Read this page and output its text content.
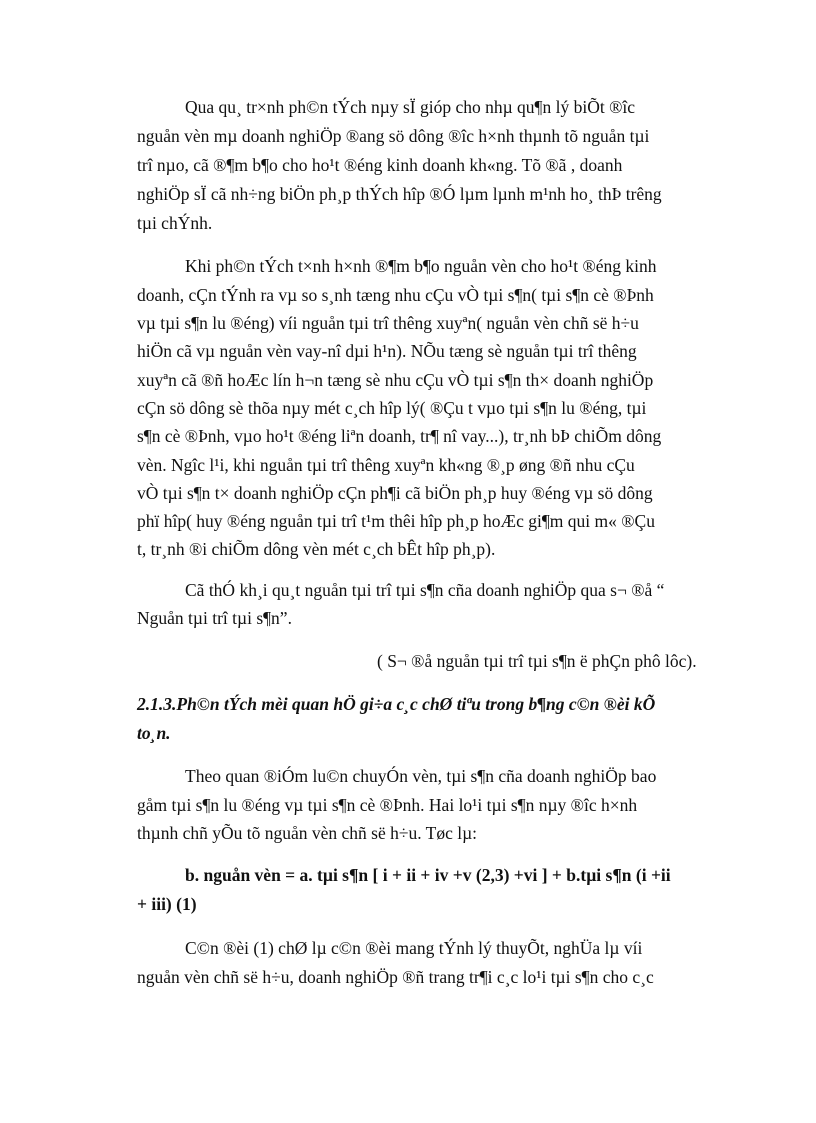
Qua qu¸ tr×nh ph©n tÝch nµy sÏ gióp cho nhµ qu¶n lý biÕt ®îc
nguån vèn mµ doanh nghiÖp ®ang sö dông ®îc h×nh thµnh tõ nguån tµi
trî nµo, cã ®¶m b¶o cho ho¹t ®éng kinh doanh kh«ng. Tõ ®ã , doanh
nghiÖp sÏ cã nh÷ng biÖn ph¸p thÝch hîp ®Ó lµm lµnh m¹nh ho¸ thÞ trêng
tµi chÝnh.
Khi ph©n tÝch t×nh h×nh ®¶m b¶o nguån vèn cho ho¹t ®éng kinh
doanh, cÇn tÝnh ra vµ so s¸nh tæng nhu cÇu vÒ tµi s¶n( tµi s¶n cè ®Þnh
vµ tµi s¶n lu ®éng) víi nguån tµi trî thêng xuyªn( nguån vèn chñ së h÷u
hiÖn cã vµ nguån vèn vay-nî dµi h¹n). NÕu tæng sè nguån tµi trî thêng
xuyªn cã ®ñ hoÆc lín h¬n tæng sè nhu cÇu vÒ tµi s¶n th× doanh nghiÖp
cÇn sö dông sè thõa nµy mét c¸ch hîp lý( ®Çu t vµo tµi s¶n lu ®éng, tµi
s¶n cè ®Þnh, vµo ho¹t ®éng liªn doanh, tr¶ nî vay...), tr¸nh bÞ chiÕm dông
vèn. Ngîc l¹i, khi nguån tµi trî thêng xuyªn kh«ng ®¸p øng ®ñ nhu cÇu
vÒ tµi s¶n t× doanh nghiÖp cÇn ph¶i cã biÖn ph¸p huy ®éng vµ sö dông
phï hîp( huy ®éng nguån tµi trî t¹m thêi hîp ph¸p hoÆc gi¶m qui m« ®Çu
t, tr¸nh ®i chiÕm dông vèn mét c¸ch bÊt hîp ph¸p).
Cã thÓ kh¸i qu¸t nguån tµi trî tµi s¶n cña doanh nghiÖp qua s¬ ®å “
Nguån tµi trî tµi s¶n”.
( S¬ ®å nguån tµi trî tµi s¶n ë phÇn phô lôc).
2.1.3.Ph©n tÝch mèi quan hÖ gi÷a c¸c chØ tiªu trong b¶ng c©n ®èi kÕ
to¸n.
Theo quan ®iÓm lu©n chuyÓn vèn, tµi s¶n cña doanh nghiÖp bao
gåm tµi s¶n lu ®éng vµ tµi s¶n cè ®Þnh. Hai lo¹i tµi s¶n nµy ®îc h×nh
thµnh chñ yÕu tõ nguån vèn chñ së h÷u. Tøc lµ:
b. nguån vèn = a. tµi s¶n [ i + ii + iv +v (2,3) +vi ] + b.tµi s¶n (i +ii
+ iii) (1)
C©n ®èi (1) chØ lµ c©n ®èi mang tÝnh lý thuyÕt, nghÜa lµ víi
nguån vèn chñ së h÷u, doanh nghiÖp ®ñ trang tr¶i c¸c lo¹i tµi s¶n cho c¸c
